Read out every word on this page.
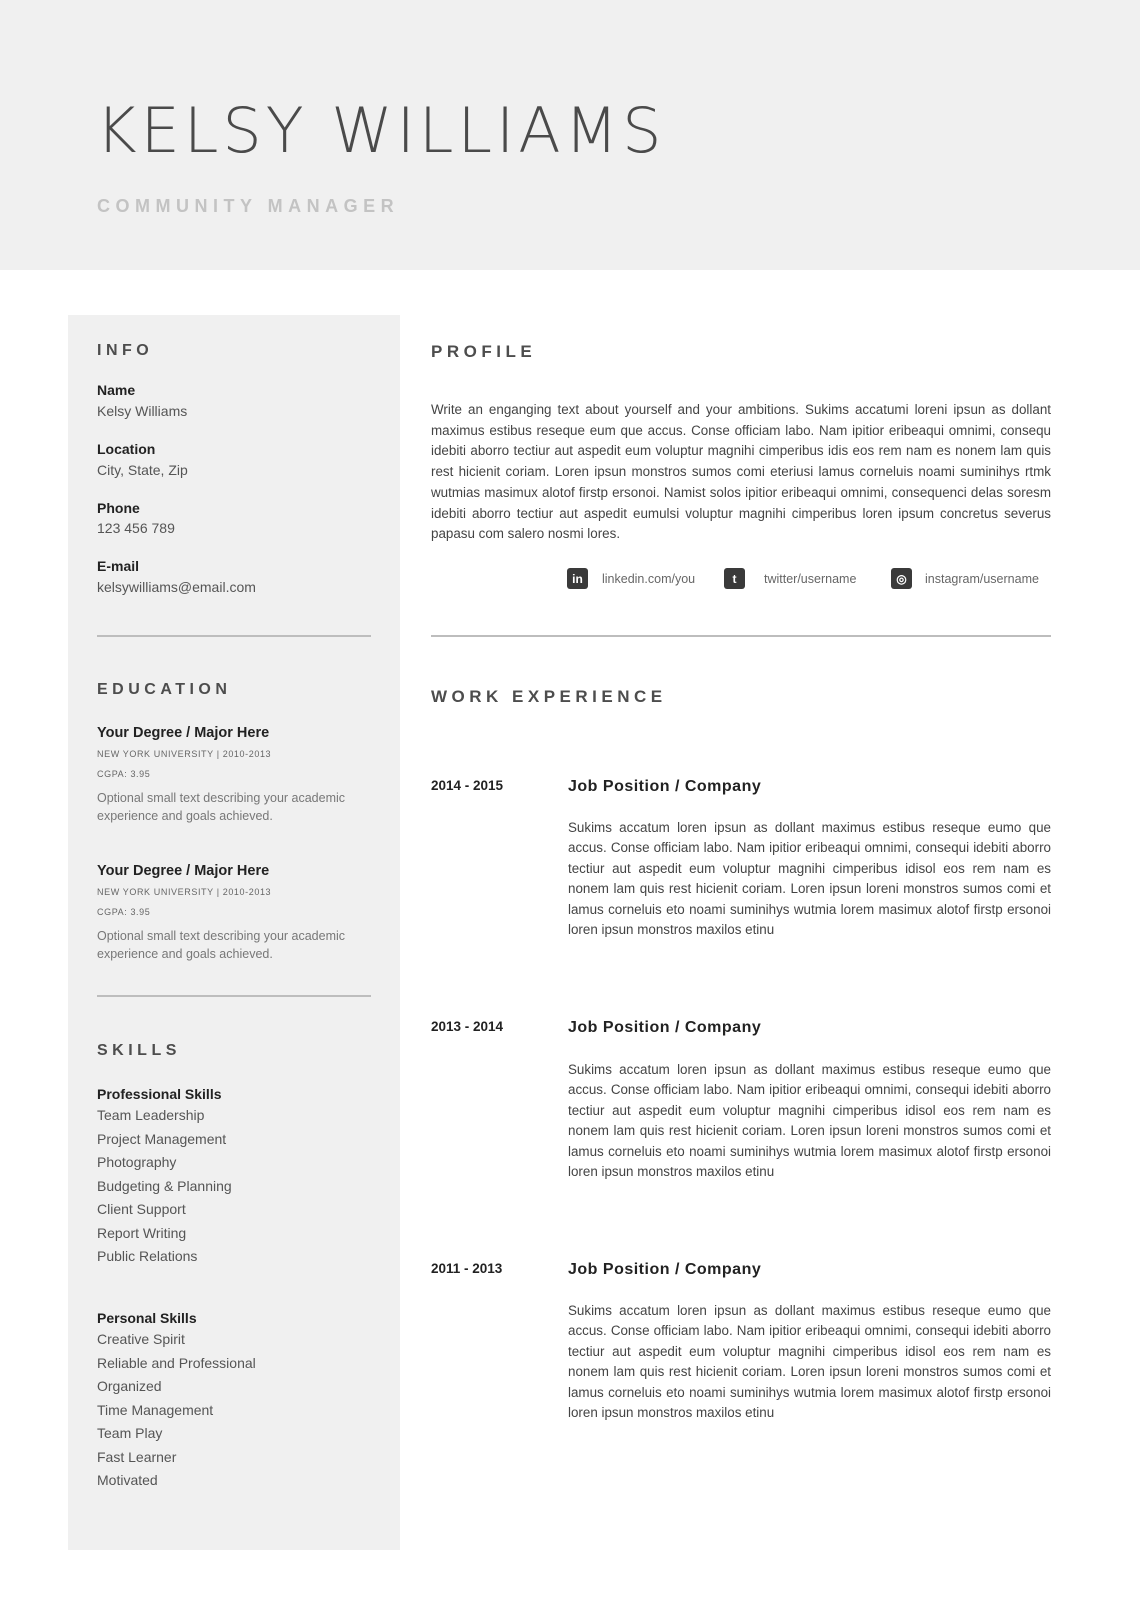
KELSY WILLIAMS

COMMUNITY MANAGER

INFO
Name
Kelsy Williams
Location
City, State, Zip
Phone
123 456 789
E-mail
kelsywilliams@email.com
EDUCATION
Your Degree / Major Here
NEW YORK UNIVERSITY | 2010-2013
CGPA: 3.95
Optional small text describing your academic experience and goals achieved.
Your Degree / Major Here
NEW YORK UNIVERSITY | 2010-2013
CGPA: 3.95
Optional small text describing your academic experience and goals achieved.
SKILLS
Professional Skills
Team Leadership
Project Management
Photography
Budgeting & Planning
Client Support
Report Writing
Public Relations
Personal Skills
Creative Spirit
Reliable and Professional
Organized
Time Management
Team Play
Fast Learner
Motivated
PROFILE

Write an enganging text about yourself and your ambitions. Sukims accatumi loreni ipsun as dollant maximus estibus reseque eum que accus. Conse officiam labo. Nam ipitior eribeaqui omnimi, consequ idebiti aborro tectiur aut aspedit eum voluptur magnihi cimperibus idis eos rem nam es nonem lam quis rest hicienit coriam. Loren ipsun monstros sumos comi eteriusi lamus corneluis noami suminihys rtmk wutmias masimux alotof firstp ersonoi. Namist solos ipitior eribeaqui omnimi, consequenci delas soresm idebiti aborro tectiur aut aspedit eumulsi voluptur magnihi cimperibus loren ipsum concretus severus papasu com salero nosmi lores.

in	linkedin.com/you	t	twitter/username	◎	instagram/username
WORK EXPERIENCE
2014 - 2015	Job Position / Company

Sukims accatum loren ipsun as dollant maximus estibus reseque eumo que accus. Conse officiam labo. Nam ipitior eribeaqui omnimi, consequi idebiti aborro tectiur aut aspedit eum voluptur magnihi cimperibus idisol eos rem nam es nonem lam quis rest hicienit coriam. Loren ipsun loreni monstros sumos comi et lamus corneluis eto noami suminihys wutmia lorem masimux alotof firstp ersonoi loren ipsun monstros maxilos etinu

2013 - 2014	Job Position / Company

Sukims accatum loren ipsun as dollant maximus estibus reseque eumo que accus. Conse officiam labo. Nam ipitior eribeaqui omnimi, consequi idebiti aborro tectiur aut aspedit eum voluptur magnihi cimperibus idisol eos rem nam es nonem lam quis rest hicienit coriam. Loren ipsun loreni monstros sumos comi et lamus corneluis eto noami suminihys wutmia lorem masimux alotof firstp ersonoi loren ipsun monstros maxilos etinu

2011 - 2013	Job Position / Company

Sukims accatum loren ipsun as dollant maximus estibus reseque eumo que accus. Conse officiam labo. Nam ipitior eribeaqui omnimi, consequi idebiti aborro tectiur aut aspedit eum voluptur magnihi cimperibus idisol eos rem nam es nonem lam quis rest hicienit coriam. Loren ipsun loreni monstros sumos comi et lamus corneluis eto noami suminihys wutmia lorem masimux alotof firstp ersonoi loren ipsun monstros maxilos etinu
